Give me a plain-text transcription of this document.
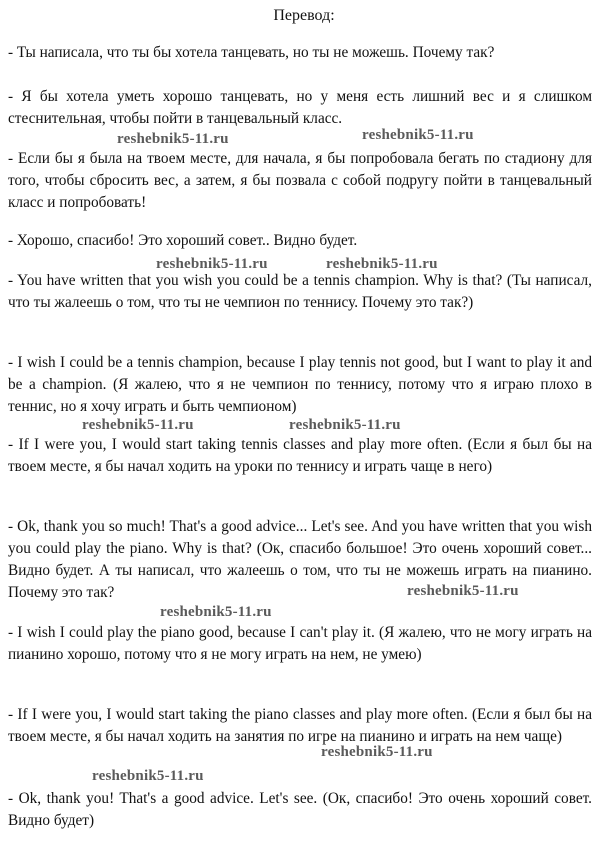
Перевод:

- Ты написала, что ты бы хотела танцевать, но ты не можешь. Почему так?

- Я бы хотела уметь хорошо танцевать, но у меня есть лишний вес и я слишком стеснительная, чтобы пойти в танцевальный класс.

- Если бы я была на твоем месте, для начала, я бы попробовала бегать по стадиону для того, чтобы сбросить вес, а затем, я бы позвала с собой подругу пойти в танцевальный класс и попробовать!

- Хорошо, спасибо! Это хороший совет.. Видно будет.

- You have written that you wish you could be a tennis champion. Why is that? (Ты написал, что ты жалеешь о том, что ты не чемпион по теннису. Почему это так?)

- I wish I could be a tennis champion, because I play tennis not good, but I want to play it and be a champion. (Я жалею, что я не чемпион по теннису, потому что я играю плохо в теннис, но я хочу играть и быть чемпионом)

- If I were you, I would start taking tennis classes and play more often. (Если я был бы на твоем месте, я бы начал ходить на уроки по теннису и играть чаще в него)

- Ok, thank you so much! That's a good advice... Let's see. And you have written that you wish you could play the piano. Why is that? (Ок, спасибо большое! Это очень хороший совет... Видно будет. А ты написал, что жалеешь о том, что ты не можешь играть на пианино. Почему это так?

- I wish I could play the piano good, because I can't play it. (Я жалею, что не могу играть на пианино хорошо, потому что я не могу играть на нем, не умею)

- If I were you, I would start taking the piano classes and play more often. (Если я был бы на твоем месте, я бы начал ходить на занятия по игре на пианино и играть на нем чаще)

- Ok, thank you! That's a good advice. Let's see. (Ок, спасибо! Это очень хороший совет. Видно будет)

reshebnik5-11.ru	reshebnik5-11.ru
reshebnik5-11.ru	reshebnik5-11.ru
reshebnik5-11.ru	reshebnik5-11.ru
reshebnik5-11.ru
reshebnik5-11.ru
reshebnik5-11.ru
reshebnik5-11.ru
